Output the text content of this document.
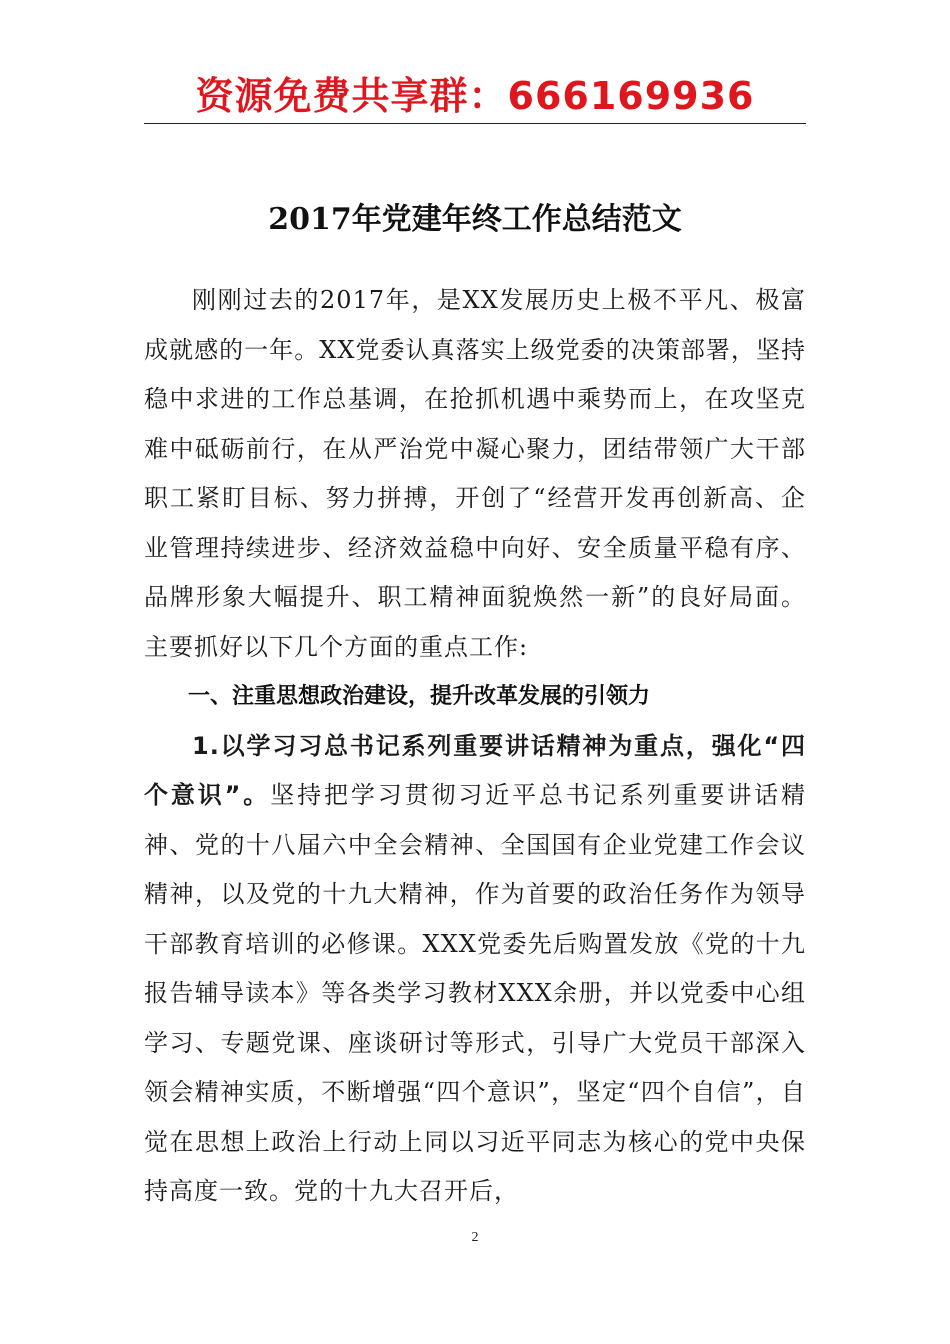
资源免费共享群：666169936
2017年党建年终工作总结范文

刚刚过去的2017年，是XX发展历史上极不平凡、极富成就感的一年。XX党委认真落实上级党委的决策部署，坚持稳中求进的工作总基调，在抢抓机遇中乘势而上，在攻坚克难中砥砺前行，在从严治党中凝心聚力，团结带领广大干部职工紧盯目标、努力拼搏，开创了“经营开发再创新高、企业管理持续进步、经济效益稳中向好、安全质量平稳有序、品牌形象大幅提升、职工精神面貌焕然一新”的良好局面。主要抓好以下几个方面的重点工作:

一、注重思想政治建设，提升改革发展的引领力

1.以学习习总书记系列重要讲话精神为重点，强化“四个意识”。坚持把学习贯彻习近平总书记系列重要讲话精神、党的十八届六中全会精神、全国国有企业党建工作会议精神，以及党的十九大精神，作为首要的政治任务作为领导干部教育培训的必修课。XXX党委先后购置发放《党的十九报告辅导读本》等各类学习教材XXX余册，并以党委中心组学习、专题党课、座谈研讨等形式，引导广大党员干部深入领会精神实质，不断增强“四个意识”，坚定“四个自信”，自觉在思想上政治上行动上同以习近平同志为核心的党中央保持高度一致。党的十九大召开后，

2
